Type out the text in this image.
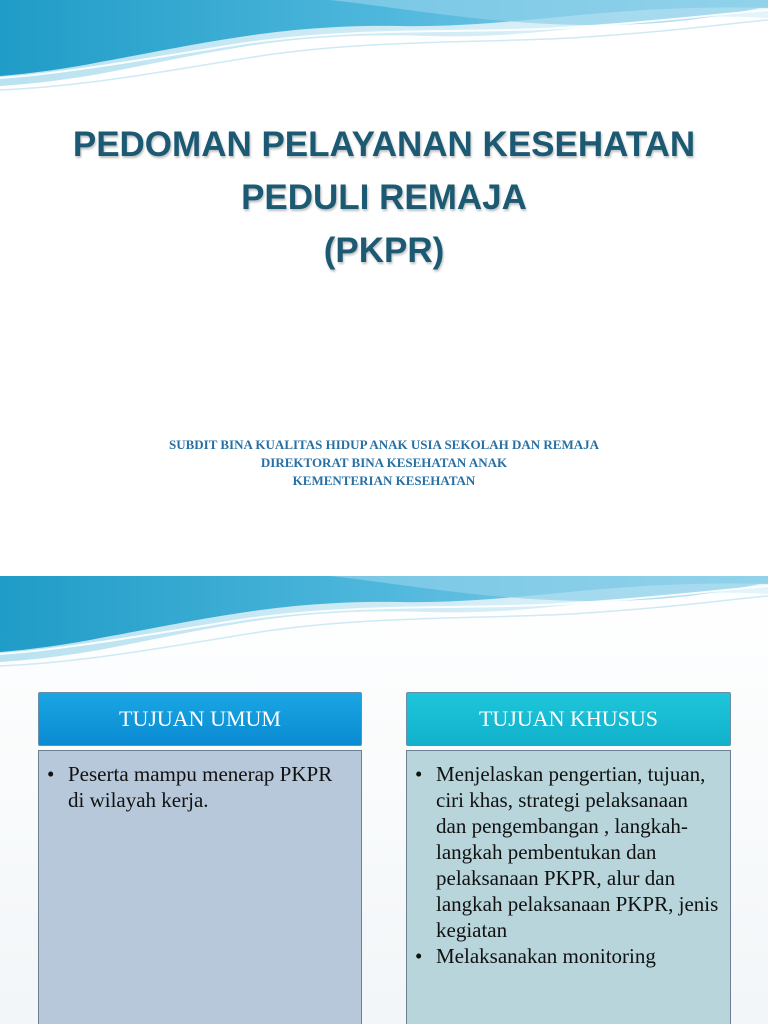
PEDOMAN PELAYANAN KESEHATAN
PEDULI REMAJA
(PKPR)
SUBDIT BINA KUALITAS HIDUP ANAK USIA SEKOLAH DAN REMAJA
DIREKTORAT BINA KESEHATAN ANAK
KEMENTERIAN KESEHATAN
TUJUAN UMUM
• Peserta mampu menerap PKPR di wilayah kerja.
TUJUAN KHUSUS
• Menjelaskan pengertian, tujuan, ciri khas, strategi pelaksanaan dan pengembangan , langkah-langkah pembentukan dan pelaksanaan PKPR, alur dan langkah pelaksanaan PKPR, jenis kegiatan
• Melaksanakan monitoring
